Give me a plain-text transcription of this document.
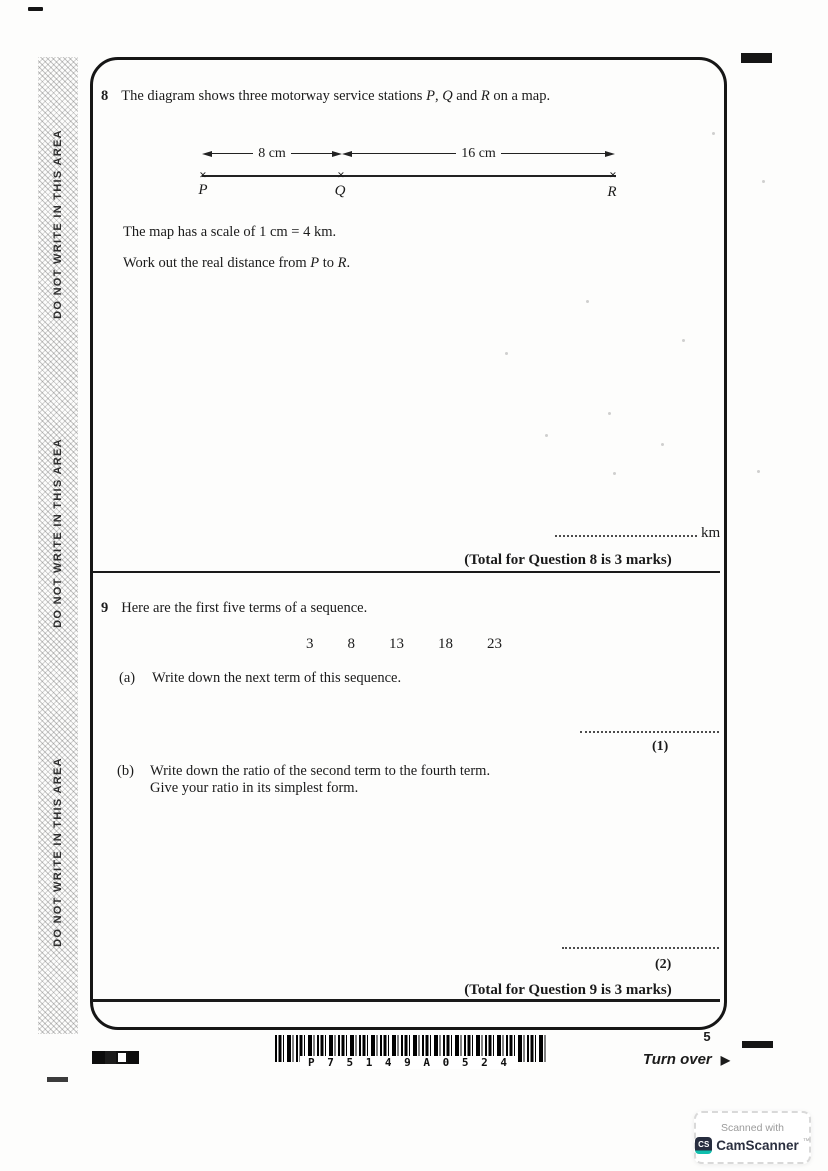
DO NOT WRITE IN THIS AREA
DO NOT WRITE IN THIS AREA
DO NOT WRITE IN THIS AREA
8 The diagram shows three motorway service stations P, Q and R on a map.
8 cm	16 cm
×	×	×
P	Q	R
The map has a scale of 1 cm = 4 km.
Work out the real distance from P to R.
km
(Total for Question 8 is 3 marks)
9 Here are the first five terms of a sequence.
3 8 13 18 23
(a)	Write down the next term of this sequence.
(1)
(b)	Write down the ratio of the second term to the fourth term.
Give your ratio in its simplest form.
(2)
(Total for Question 9 is 3 marks)
P 7 5 1 4 9 A 0 5 2 4
5
Turn over ▶
Scanned with
CS CamScanner ™
